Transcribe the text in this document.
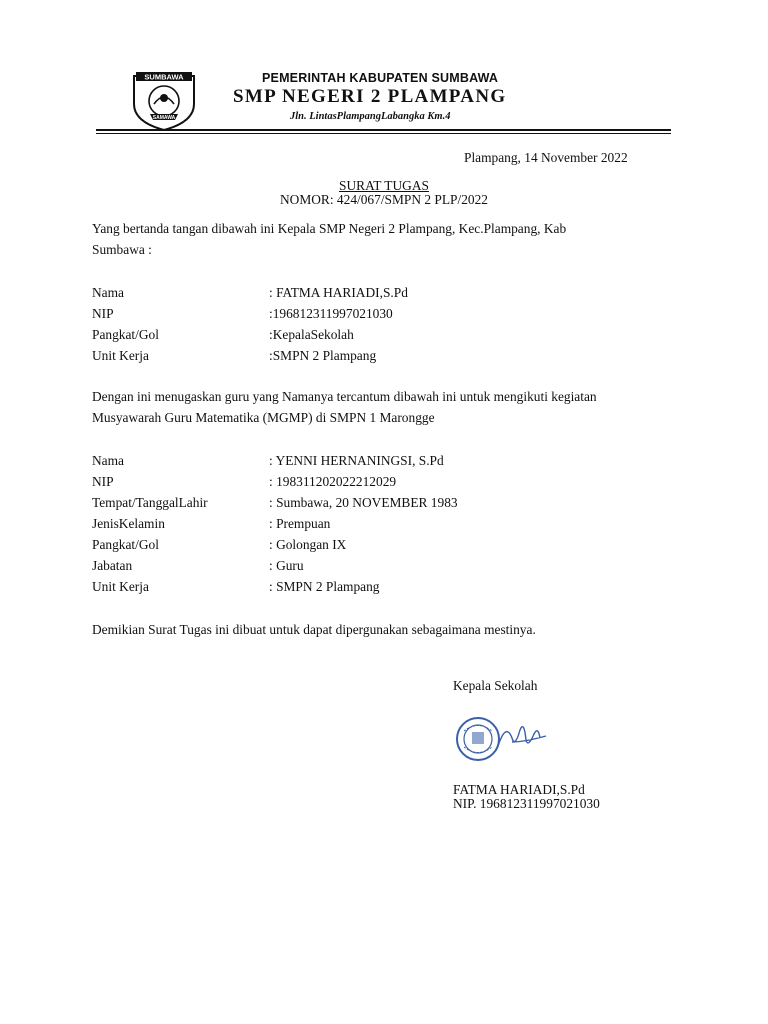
SUMBAWA
SAMAWA
PEMERINTAH KABUPATEN SUMBAWA
SMP NEGERI 2 PLAMPANG
Jln. LintasPlampangLabangka Km.4
Plampang, 14 November 2022
SURAT TUGAS
NOMOR: 424/067/SMPN 2 PLP/2022
Yang bertanda tangan dibawah ini Kepala SMP Negeri 2 Plampang, Kec.Plampang, Kab
Sumbawa :
Nama	: FATMA HARIADI,S.Pd
NIP	:196812311997021030
Pangkat/Gol	:KepalaSekolah
Unit Kerja	:SMPN 2 Plampang
Dengan ini menugaskan guru yang Namanya tercantum dibawah ini untuk mengikuti kegiatan
Musyawarah Guru Matematika (MGMP) di SMPN 1 Marongge
Nama	: YENNI HERNANINGSI, S.Pd
NIP	: 198311202022212029
Tempat/TanggalLahir	: Sumbawa, 20 NOVEMBER 1983
JenisKelamin	: Prempuan
Pangkat/Gol	: Golongan IX
Jabatan	: Guru
Unit Kerja	: SMPN 2 Plampang
Demikian Surat Tugas ini dibuat untuk dapat dipergunakan sebagaimana mestinya.
Kepala Sekolah
FATMA HARIADI,S.Pd
NIP. 196812311997021030
